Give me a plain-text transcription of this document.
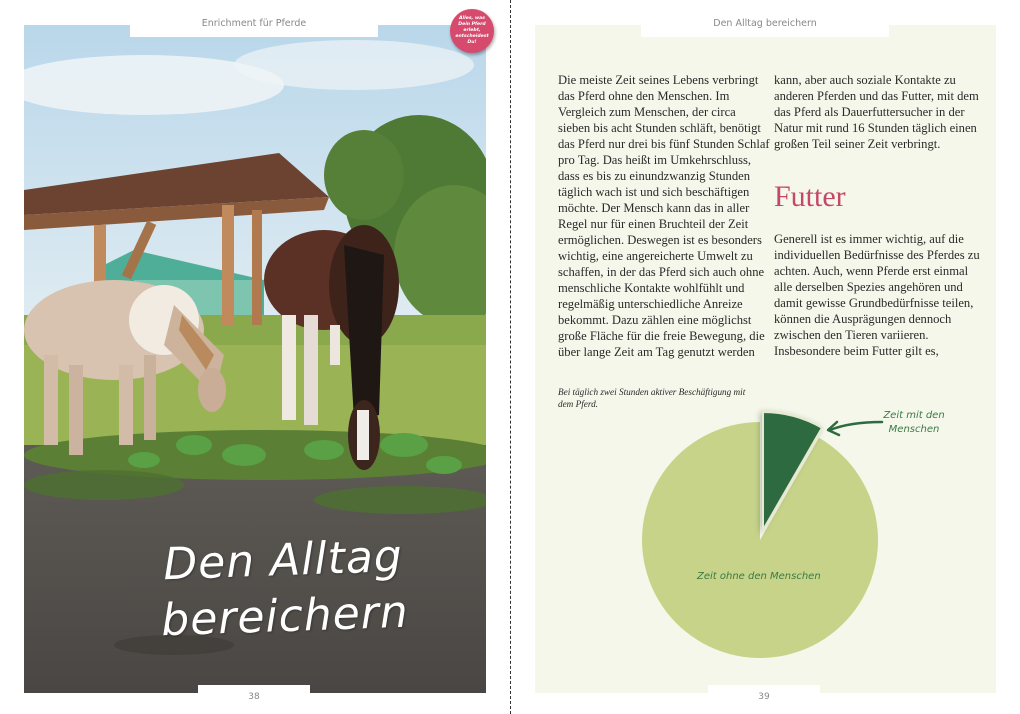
Den Alltag
bereichern
Enrichment für Pferde	Alles, was Dein Pferd erlebt, entscheidest Du!
38
Den Alltag bereichern
Die meiste Zeit seines Lebens verbringt das Pferd ohne den Menschen. Im Vergleich zum Menschen, der circa sieben bis acht Stunden schläft, benötigt das Pferd nur drei bis fünf Stunden Schlaf pro Tag. Das heißt im Umkehrschluss, dass es bis zu einundzwanzig Stunden täglich wach ist und sich beschäftigen möchte. Der Mensch kann das in aller Regel nur für einen Bruchteil der Zeit ermöglichen. Deswegen ist es besonders wichtig, eine angereicherte Umwelt zu schaffen, in der das Pferd sich auch ohne menschliche Kontakte wohlfühlt und regelmäßig unterschiedliche Anreize bekommt. Dazu zählen eine möglichst große Fläche für die freie Bewegung, die über lange Zeit am Tag genutzt werden
kann, aber auch soziale Kontakte zu anderen Pferden und das Futter, mit dem das Pferd als Dauerfuttersucher in der Natur mit rund 16 Stunden täglich einen großen Teil seiner Zeit verbringt.
Futter
Generell ist es immer wichtig, auf die individuellen Bedürfnisse des Pferdes zu achten. Auch, wenn Pferde erst einmal alle derselben Spezies angehören und damit gewisse Grundbedürfnisse teilen, können die Ausprägungen dennoch zwischen den Tieren variieren. Insbesondere beim Futter gilt es,
Bei täglich zwei Stunden aktiver Beschäftigung mit dem Pferd.
Zeit ohne den Menschen
Zeit mit den Menschen
39
